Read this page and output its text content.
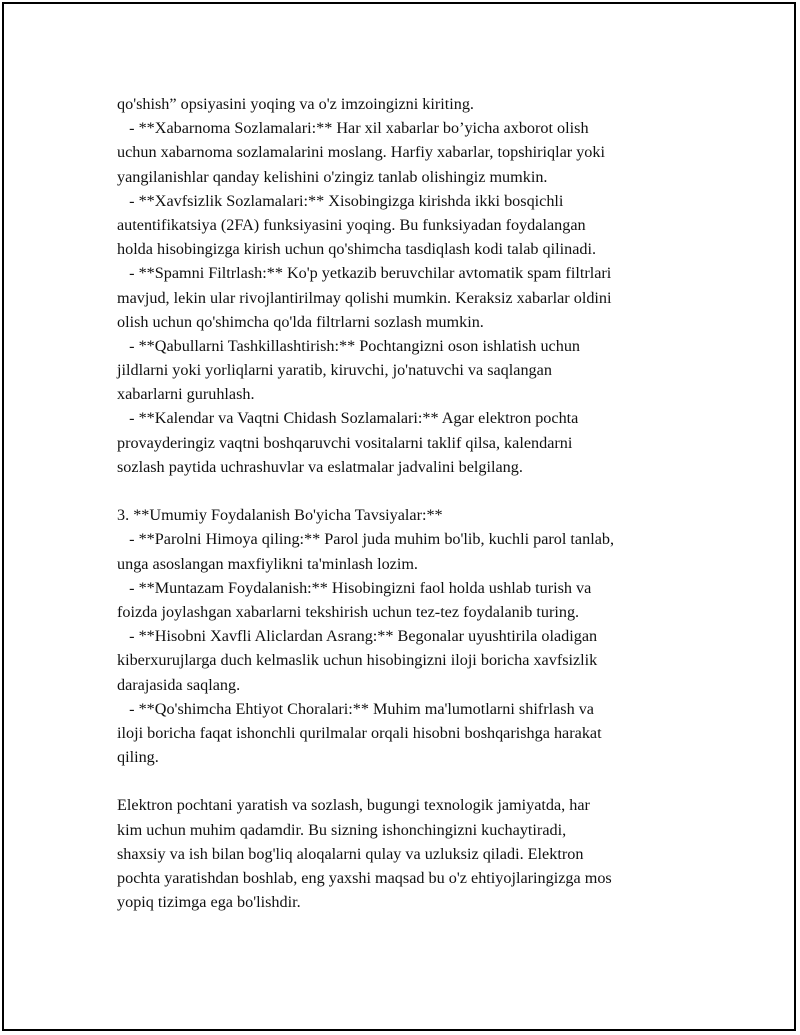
qo'shish” opsiyasini yoqing va o'z imzoingizni kiriting.
- **Xabarnoma Sozlamalari:** Har xil xabarlar bo’yicha axborot olish
uchun xabarnoma sozlamalarini moslang. Harfiy xabarlar, topshiriqlar yoki
yangilanishlar qanday kelishini o'zingiz tanlab olishingiz mumkin.
- **Xavfsizlik Sozlamalari:** Xisobingizga kirishda ikki bosqichli
autentifikatsiya (2FA) funksiyasini yoqing. Bu funksiyadan foydalangan
holda hisobingizga kirish uchun qo'shimcha tasdiqlash kodi talab qilinadi.
- **Spamni Filtrlash:** Ko'p yetkazib beruvchilar avtomatik spam filtrlari
mavjud, lekin ular rivojlantirilmay qolishi mumkin. Keraksiz xabarlar oldini
olish uchun qo'shimcha qo'lda filtrlarni sozlash mumkin.
- **Qabullarni Tashkillashtirish:** Pochtangizni oson ishlatish uchun
jildlarni yoki yorliqlarni yaratib, kiruvchi, jo'natuvchi va saqlangan
xabarlarni guruhlash.
- **Kalendar va Vaqtni Chidash Sozlamalari:** Agar elektron pochta
provayderingiz vaqtni boshqaruvchi vositalarni taklif qilsa, kalendarni
sozlash paytida uchrashuvlar va eslatmalar jadvalini belgilang.
3. **Umumiy Foydalanish Bo'yicha Tavsiyalar:**
- **Parolni Himoya qiling:** Parol juda muhim bo'lib, kuchli parol tanlab,
unga asoslangan maxfiylikni ta'minlash lozim.
- **Muntazam Foydalanish:** Hisobingizni faol holda ushlab turish va
foizda joylashgan xabarlarni tekshirish uchun tez-tez foydalanib turing.
- **Hisobni Xavfli Aliclardan Asrang:** Begonalar uyushtirila oladigan
kiberxurujlarga duch kelmaslik uchun hisobingizni iloji boricha xavfsizlik
darajasida saqlang.
- **Qo'shimcha Ehtiyot Choralari:** Muhim ma'lumotlarni shifrlash va
iloji boricha faqat ishonchli qurilmalar orqali hisobni boshqarishga harakat
qiling.
Elektron pochtani yaratish va sozlash, bugungi texnologik jamiyatda, har
kim uchun muhim qadamdir. Bu sizning ishonchingizni kuchaytiradi,
shaxsiy va ish bilan bog'liq aloqalarni qulay va uzluksiz qiladi. Elektron
pochta yaratishdan boshlab, eng yaxshi maqsad bu o'z ehtiyojlaringizga mos
yopiq tizimga ega bo'lishdir.
